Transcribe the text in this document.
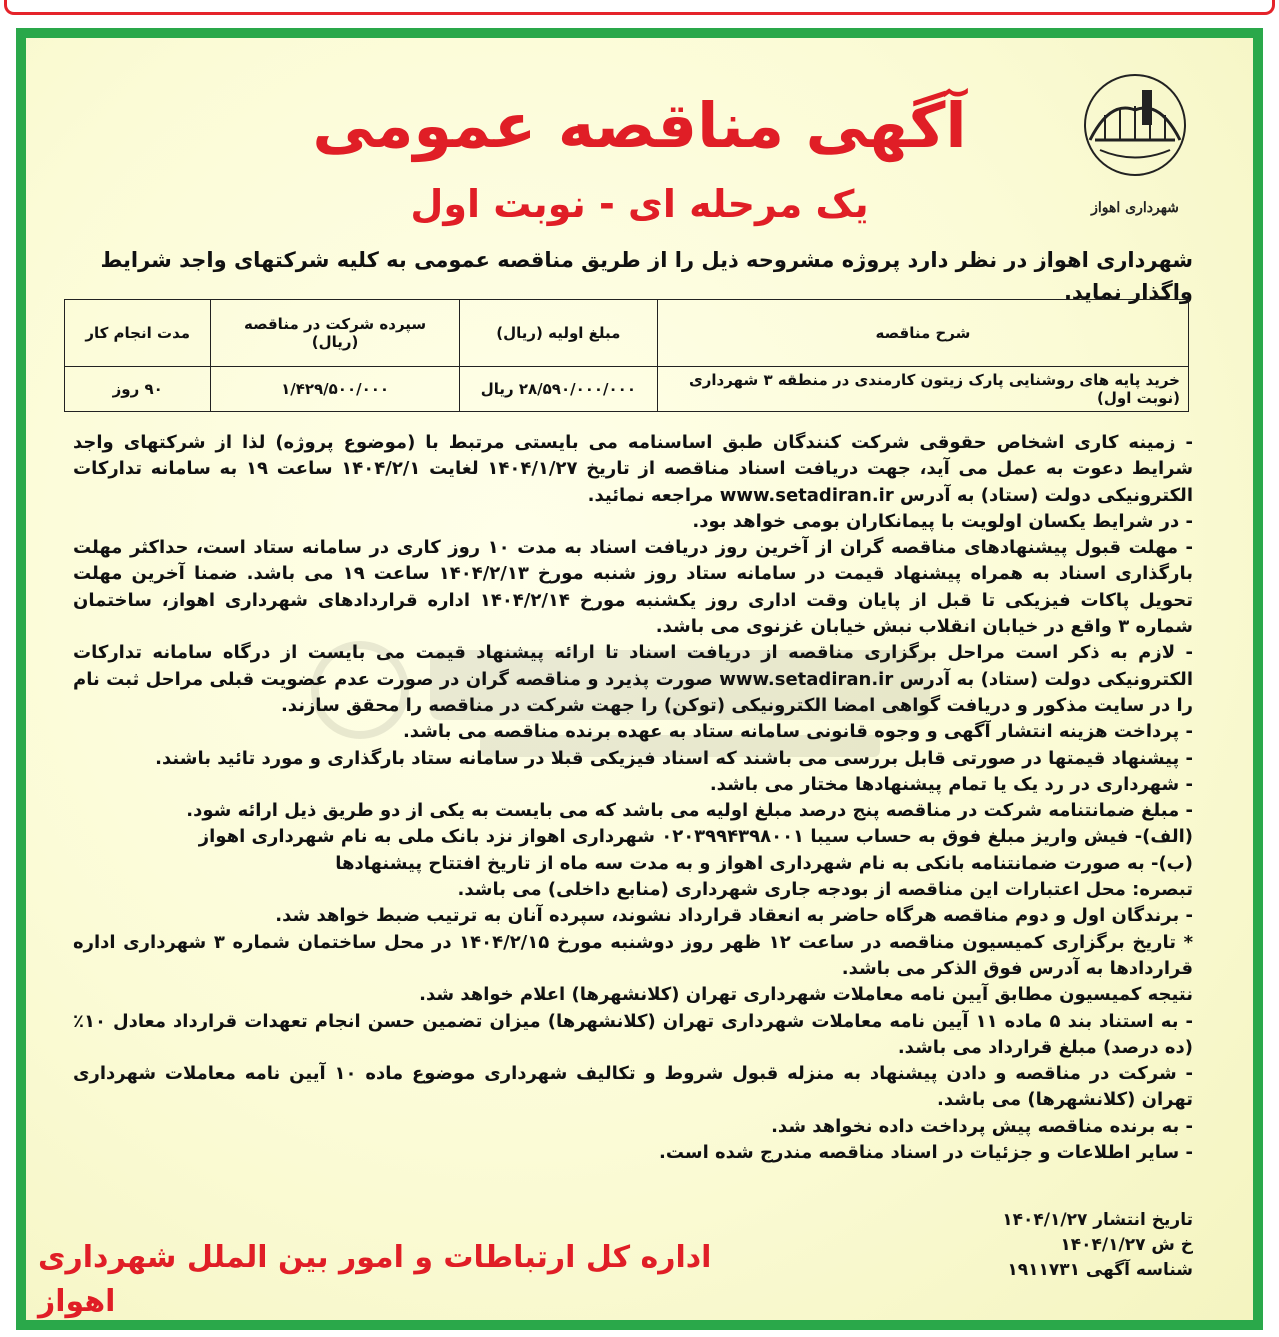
شهرداری اهواز
آگهی مناقصه عمومی
یک مرحله ای - نوبت اول
شهرداری اهواز در نظر دارد پروژه مشروحه ذیل را از طریق مناقصه عمومی به کلیه شرکتهای واجد شرایط واگذار نماید.
شرح مناقصه	مبلغ اولیه (ریال)	سپرده شرکت در مناقصه (ریال)	مدت انجام کار
خرید پایه های روشنایی پارک زیتون کارمندی در منطقه ۳ شهرداری (نوبت اول)	۲۸/۵۹۰/۰۰۰/۰۰۰ ریال	۱/۴۲۹/۵۰۰/۰۰۰	۹۰ روز

- زمینه کاری اشخاص حقوقی شرکت کنندگان طبق اساسنامه می بایستی مرتبط با (موضوع پروژه) لذا از شرکتهای واجد شرایط دعوت به عمل می آید، جهت دریافت اسناد مناقصه از تاریخ ۱۴۰۴/۱/۲۷ لغایت ۱۴۰۴/۲/۱ ساعت ۱۹ به سامانه تدارکات الکترونیکی دولت (ستاد) به آدرس www.setadiran.ir مراجعه نمائید.

- در شرایط یکسان اولویت با پیمانکاران بومی خواهد بود.

- مهلت قبول پیشنهادهای مناقصه گران از آخرین روز دریافت اسناد به مدت ۱۰ روز کاری در سامانه ستاد است، حداکثر مهلت بارگذاری اسناد به همراه پیشنهاد قیمت در سامانه ستاد روز شنبه مورخ ۱۴۰۴/۲/۱۳ ساعت ۱۹ می باشد. ضمنا آخرین مهلت تحویل پاکات فیزیکی تا قبل از پایان وقت اداری روز یکشنبه مورخ ۱۴۰۴/۲/۱۴ اداره قراردادهای شهرداری اهواز، ساختمان شماره ۳ واقع در خیابان انقلاب نبش خیابان غزنوی می باشد.

- لازم به ذکر است مراحل برگزاری مناقصه از دریافت اسناد تا ارائه پیشنهاد قیمت می بایست از درگاه سامانه تدارکات الکترونیکی دولت (ستاد) به آدرس www.setadiran.ir صورت پذیرد و مناقصه گران در صورت عدم عضویت قبلی مراحل ثبت نام را در سایت مذکور و دریافت گواهی امضا الکترونیکی (توکن) را جهت شرکت در مناقصه را محقق سازند.

- پرداخت هزینه انتشار آگهی و وجوه قانونی سامانه ستاد به عهده برنده مناقصه می باشد.

- پیشنهاد قیمتها در صورتی قابل بررسی می باشند که اسناد فیزیکی قبلا در سامانه ستاد بارگذاری و مورد تائید باشند.

- شهرداری در رد یک یا تمام پیشنهادها مختار می باشد.

- مبلغ ضمانتنامه شرکت در مناقصه پنج درصد مبلغ اولیه می باشد که می بایست به یکی از دو طریق ذیل ارائه شود.

(الف)- فیش واریز مبلغ فوق به حساب سیبا ۰۲۰۳۹۹۴۳۹۸۰۰۱ شهرداری اهواز نزد بانک ملی به نام شهرداری اهواز

(ب)- به صورت ضمانتنامه بانکی به نام شهرداری اهواز و به مدت سه ماه از تاریخ افتتاح پیشنهادها

تبصره: محل اعتبارات این مناقصه از بودجه جاری شهرداری (منابع داخلی) می باشد.

- برندگان اول و دوم مناقصه هرگاه حاضر به انعقاد قرارداد نشوند، سپرده آنان به ترتیب ضبط خواهد شد.

* تاریخ برگزاری کمیسیون مناقصه در ساعت ۱۲ ظهر روز دوشنبه مورخ ۱۴۰۴/۲/۱۵ در محل ساختمان شماره ۳ شهرداری اداره قراردادها به آدرس فوق الذکر می باشد.

نتیجه کمیسیون مطابق آیین نامه معاملات شهرداری تهران (کلانشهرها) اعلام خواهد شد.

- به استناد بند ۵ ماده ۱۱ آیین نامه معاملات شهرداری تهران (کلانشهرها) میزان تضمین حسن انجام تعهدات قرارداد معادل ۱۰٪ (ده درصد) مبلغ قرارداد می باشد.

- شرکت در مناقصه و دادن پیشنهاد به منزله قبول شروط و تکالیف شهرداری موضوع ماده ۱۰ آیین نامه معاملات شهرداری تهران (کلانشهرها) می باشد.

- به برنده مناقصه پیش پرداخت داده نخواهد شد.

- سایر اطلاعات و جزئیات در اسناد مناقصه مندرج شده است.

تاریخ انتشار ۱۴۰۴/۱/۲۷

خ ش ۱۴۰۴/۱/۲۷

شناسه آگهی ۱۹۱۱۷۳۱

اداره کل ارتباطات و امور بین الملل شهرداری اهواز
